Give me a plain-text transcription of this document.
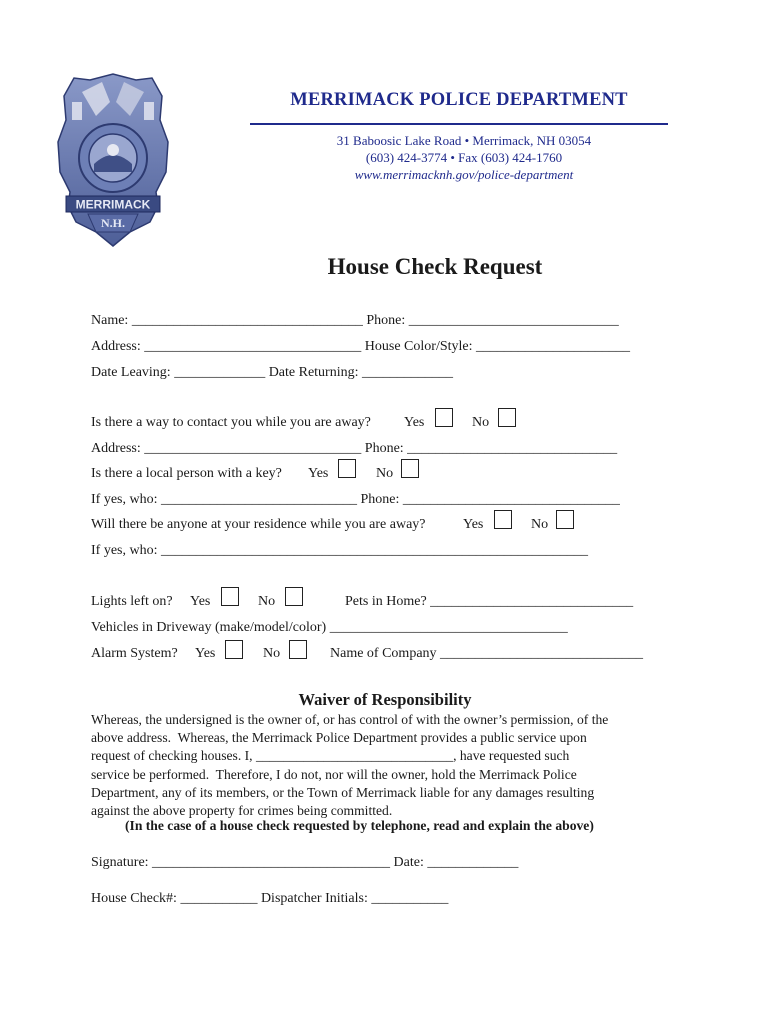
MERRIMACK
N.H.
MERRIMACK POLICE DEPARTMENT
31 Baboosic Lake Road • Merrimack, NH 03054
(603) 424-3774 • Fax (603) 424-1760
www.merrimacknh.gov/police-department
House Check Request
Name: _________________________________ Phone: ______________________________
Address: _______________________________ House Color/Style: ______________________
Date Leaving: _____________ Date Returning: _____________
Is there a way to contact you while you are away? Yes	No
Address: _______________________________ Phone: ______________________________
Is there a local person with a key? Yes	No
If yes, who: ____________________________ Phone: _______________________________
Will there be anyone at your residence while you are away?	Yes	No
If yes, who: _____________________________________________________________
Lights left on? Yes	No	Pets in Home? _____________________________
Vehicles in Driveway (make/model/color) __________________________________
Alarm System? Yes	No	Name of Company _____________________________
Waiver of Responsibility
Whereas, the undersigned is the owner of, or has control of with the owner’s permission, of the
above address.  Whereas, the Merrimack Police Department provides a public service upon
request of checking houses. I, _____________________________, have requested such
service be performed.  Therefore, I do not, nor will the owner, hold the Merrimack Police
Department, any of its members, or the Town of Merrimack liable for any damages resulting
against the above property for crimes being committed.
(In the case of a house check requested by telephone, read and explain the above)
Signature: __________________________________ Date: _____________
House Check#: ___________ Dispatcher Initials: ___________
